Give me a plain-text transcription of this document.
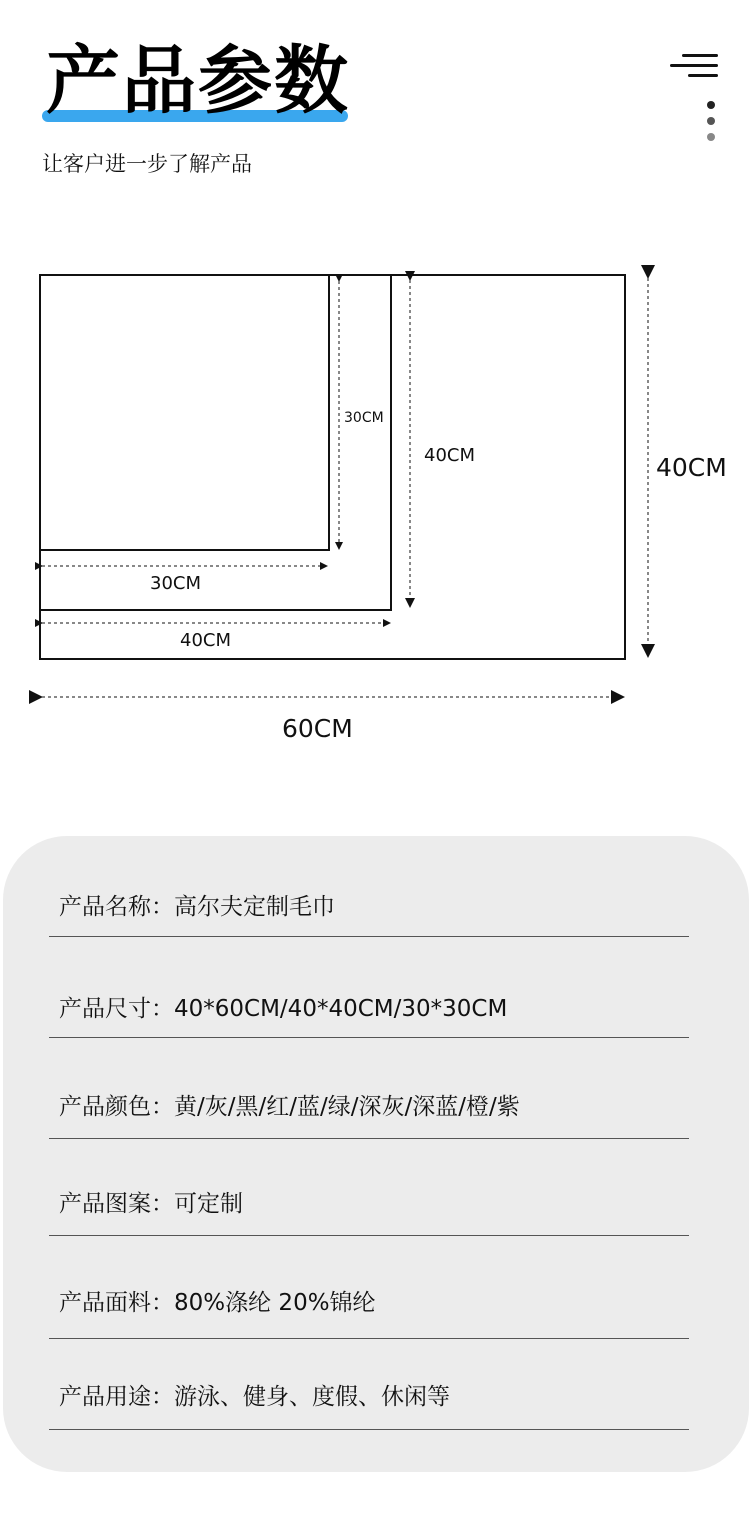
产品参数
让客户进一步了解产品
30CM
30CM
40CM
40CM
40CM
60CM
产品名称：高尔夫定制毛巾
产品尺寸：40*60CM/40*40CM/30*30CM
产品颜色：黄/灰/黑/红/蓝/绿/深灰/深蓝/橙/紫
产品图案：可定制
产品面料：80%涤纶 20%锦纶
产品用途：游泳、健身、度假、休闲等
